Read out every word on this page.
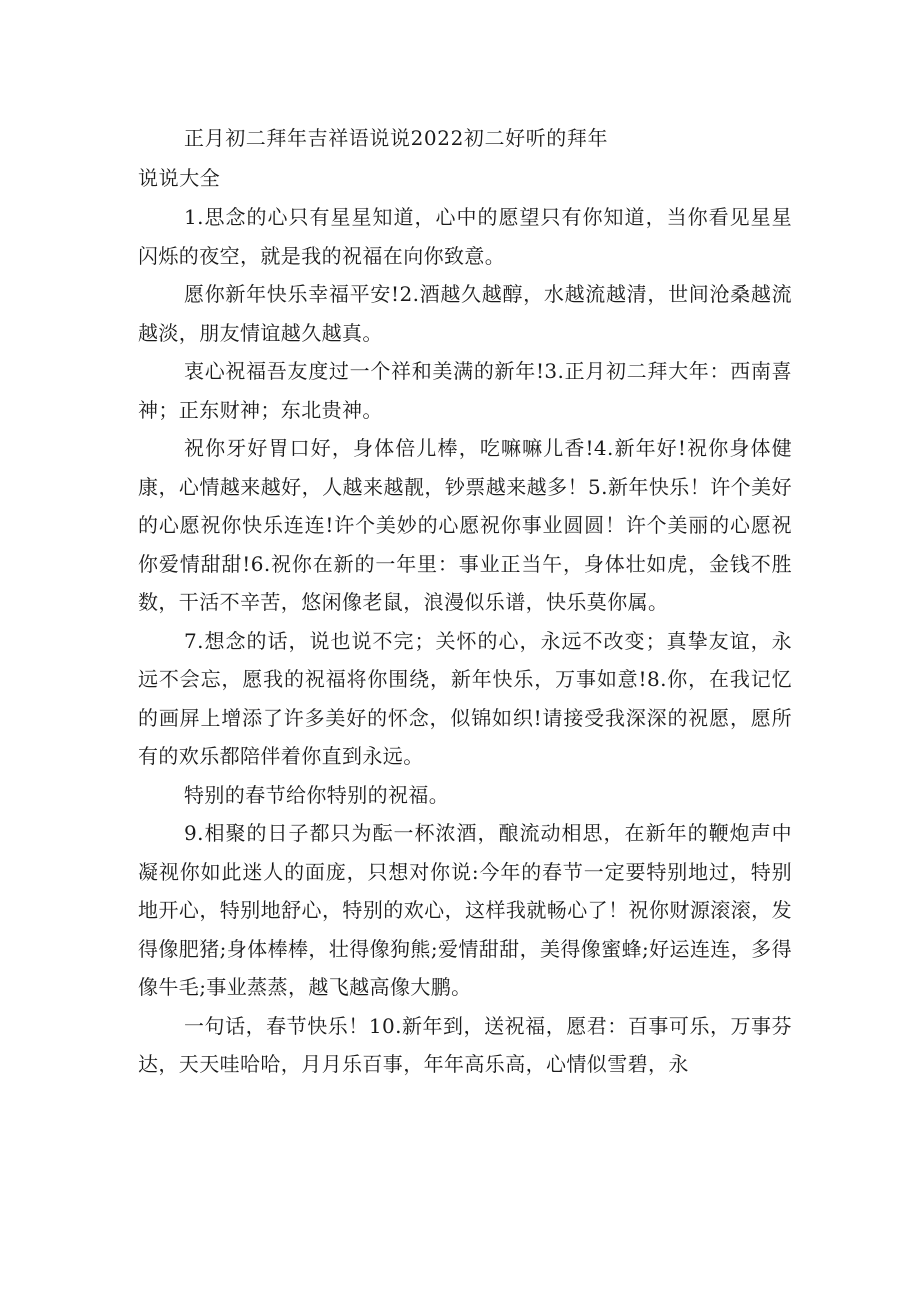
正月初二拜年吉祥语说说2022初二好听的拜年
说说大全

1.思念的心只有星星知道，心中的愿望只有你知道，当你看见星星闪烁的夜空，就是我的祝福在向你致意。

愿你新年快乐幸福平安!2.酒越久越醇，水越流越清，世间沧桑越流越淡，朋友情谊越久越真。

衷心祝福吾友度过一个祥和美满的新年!3.正月初二拜大年：西南喜神；正东财神；东北贵神。

祝你牙好胃口好，身体倍儿棒，吃嘛嘛儿香!4.新年好!祝你身体健康，心情越来越好，人越来越靓，钞票越来越多！5.新年快乐！许个美好的心愿祝你快乐连连!许个美妙的心愿祝你事业圆圆！许个美丽的心愿祝你爱情甜甜!6.祝你在新的一年里：事业正当午，身体壮如虎，金钱不胜数，干活不辛苦，悠闲像老鼠，浪漫似乐谱，快乐莫你属。

7.想念的话，说也说不完；关怀的心，永远不改变；真挚友谊，永远不会忘，愿我的祝福将你围绕，新年快乐，万事如意!8.你，在我记忆的画屏上增添了许多美好的怀念，似锦如织!请接受我深深的祝愿，愿所有的欢乐都陪伴着你直到永远。

特别的春节给你特别的祝福。

9.相聚的日子都只为酝一杯浓酒，酿流动相思，在新年的鞭炮声中凝视你如此迷人的面庞，只想对你说:今年的春节一定要特别地过，特别地开心，特别地舒心，特别的欢心，这样我就畅心了！祝你财源滚滚，发得像肥猪;身体棒棒，壮得像狗熊;爱情甜甜，美得像蜜蜂;好运连连，多得像牛毛;事业蒸蒸，越飞越高像大鹏。

一句话，春节快乐！10.新年到，送祝福，愿君：百事可乐，万事芬达，天天哇哈哈，月月乐百事，年年高乐高，心情似雪碧，永
